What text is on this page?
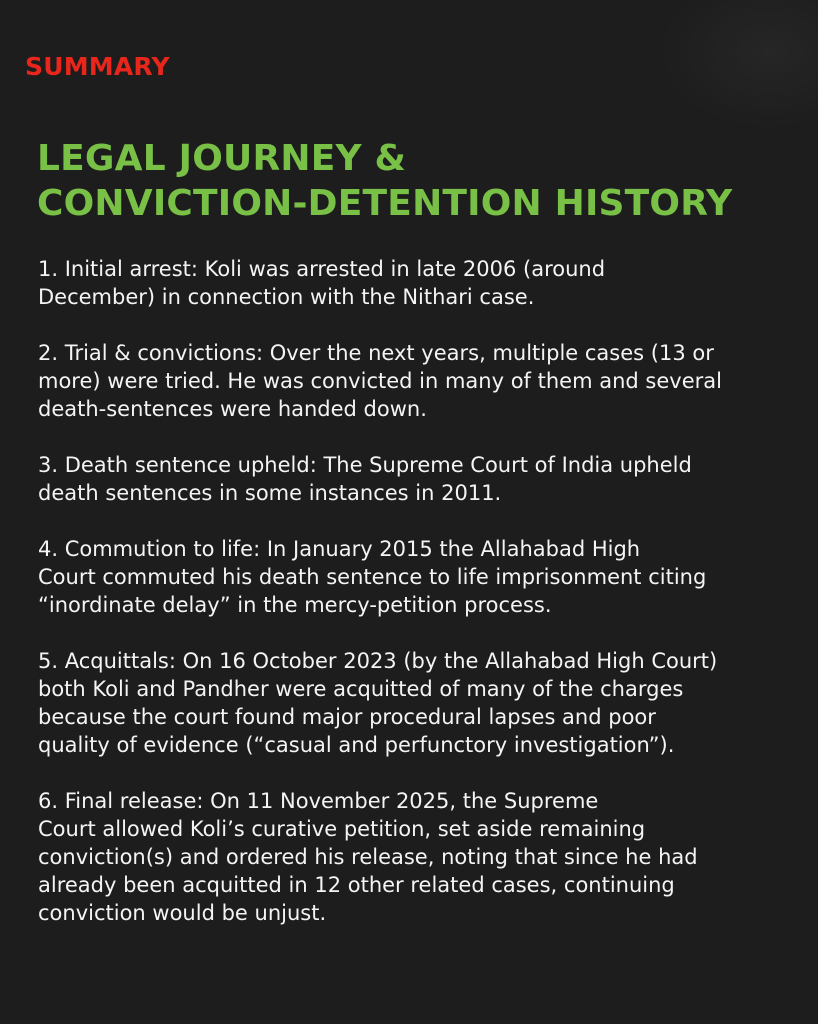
SUMMARY
LEGAL JOURNEY &
CONVICTION-DETENTION HISTORY
1. Initial arrest: Koli was arrested in late 2006 (around
December) in connection with the Nithari case.
2. Trial & convictions: Over the next years, multiple cases (13 or
more) were tried. He was convicted in many of them and several
death-sentences were handed down.
3. Death sentence upheld: The Supreme Court of India upheld
death sentences in some instances in 2011.
4. Commution to life: In January 2015 the Allahabad High
Court commuted his death sentence to life imprisonment citing
“inordinate delay” in the mercy-petition process.
5. Acquittals: On 16 October 2023 (by the Allahabad High Court)
both Koli and Pandher were acquitted of many of the charges
because the court found major procedural lapses and poor
quality of evidence (“casual and perfunctory investigation”).
6. Final release: On 11 November 2025, the Supreme
Court allowed Koli’s curative petition, set aside remaining
conviction(s) and ordered his release, noting that since he had
already been acquitted in 12 other related cases, continuing
conviction would be unjust.
